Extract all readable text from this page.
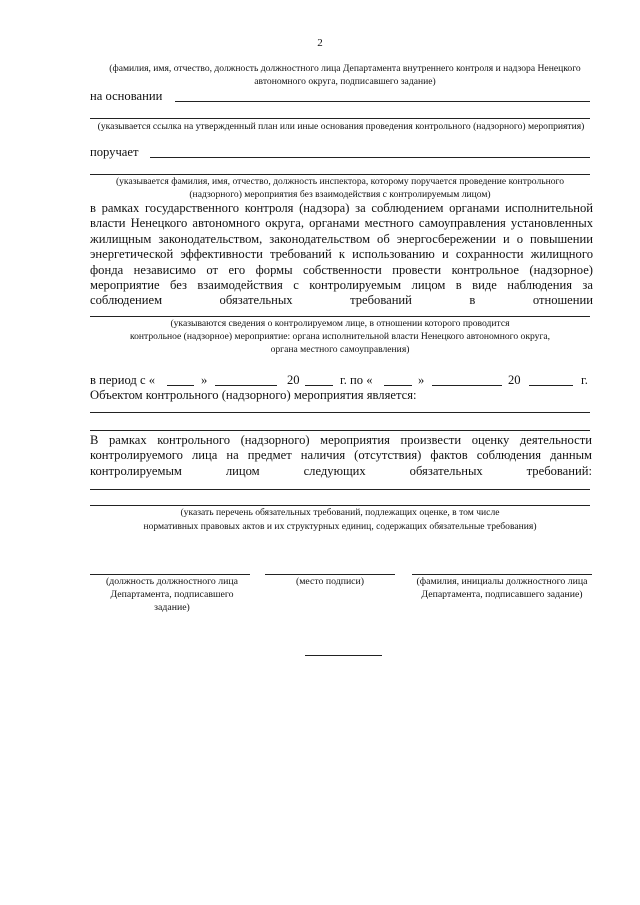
2
(фамилия, имя, отчество, должность должностного лица Департамента внутреннего контроля и надзора Ненецкого автономного округа, подписавшего задание)
на основании
(указывается ссылка на утвержденный план или иные основания проведения контрольного (надзорного) мероприятия)
поручает
(указывается фамилия, имя, отчество, должность инспектора, которому поручается проведение контрольного (надзорного) мероприятия без взаимодействия с контролируемым лицом)
в рамках государственного контроля (надзора) за соблюдением органами исполнительной власти Ненецкого автономного округа, органами местного самоуправления установленных жилищным законодательством, законодательством об энергосбережении и о повышении энергетической эффективности требований к использованию и сохранности жилищного фонда независимо от его формы собственности провести контрольное (надзорное) мероприятие без взаимодействия с контролируемым лицом в виде наблюдения за соблюдением обязательных требований в отношении
(указываются сведения о контролируемом лице, в отношении которого проводится
контрольное (надзорное) мероприятие: органа исполнительной власти Ненецкого автономного округа,
органа местного самоуправления)
в период с «	»	20	г. по «	»	20	г.
Объектом контрольного (надзорного) мероприятия является:
В рамках контрольного (надзорного) мероприятия произвести оценку деятельности контролируемого лица на предмет наличия (отсутствия) фактов соблюдения данным контролируемым лицом следующих обязательных требований:
(указать перечень обязательных требований, подлежащих оценке, в том числе
нормативных правовых актов и их структурных единиц, содержащих обязательные требования)
(должность должностного лица Департамента, подписавшего задание)
(место подписи)	(фамилия, инициалы должностного лица Департамента, подписавшего задание)
